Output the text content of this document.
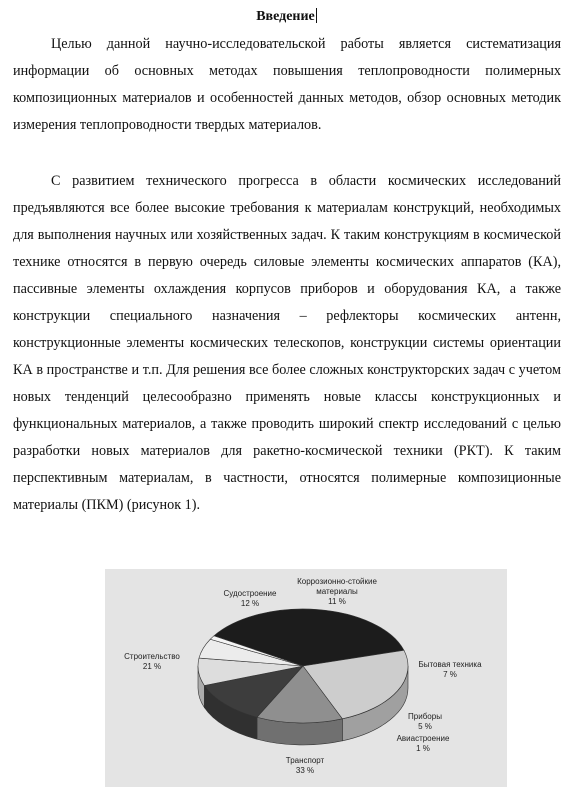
Введение

Целью данной научно-исследовательской работы является систематизация информации об основных методах повышения теплопроводности полимерных композиционных материалов и особенностей данных методов, обзор основных методик измерения теплопроводности твердых материалов.

С развитием технического прогресса в области космических исследований предъявляются все более высокие требования к материалам конструкций, необходимых для выполнения научных или хозяйственных задач. К таким конструкциям в космической технике относятся в первую очередь силовые элементы космических аппаратов (КА), пассивные элементы охлаждения корпусов приборов и оборудования КА, а также конструкции специального назначения – рефлекторы космических антенн, конструкционные элементы космических телескопов, конструкции системы ориентации КА в пространстве и т.п. Для решения все более сложных конструкторских задач с учетом новых тенденций целесообразно применять новые классы конструкционных и функциональных материалов, а также проводить широкий спектр исследований с целью разработки новых материалов для ракетно-космической техники (РКТ). К таким перспективным материалам, в частности, относятся полимерные композиционные материалы (ПКМ) (рисунок 1).

Транспорт
33 %
Строительство
21 %
Судостроение
12 %
Коррозионно-стойкие
материалы
11 %
Бытовая техника
7 %
Приборы
5 %
Авиастроение
1 %
